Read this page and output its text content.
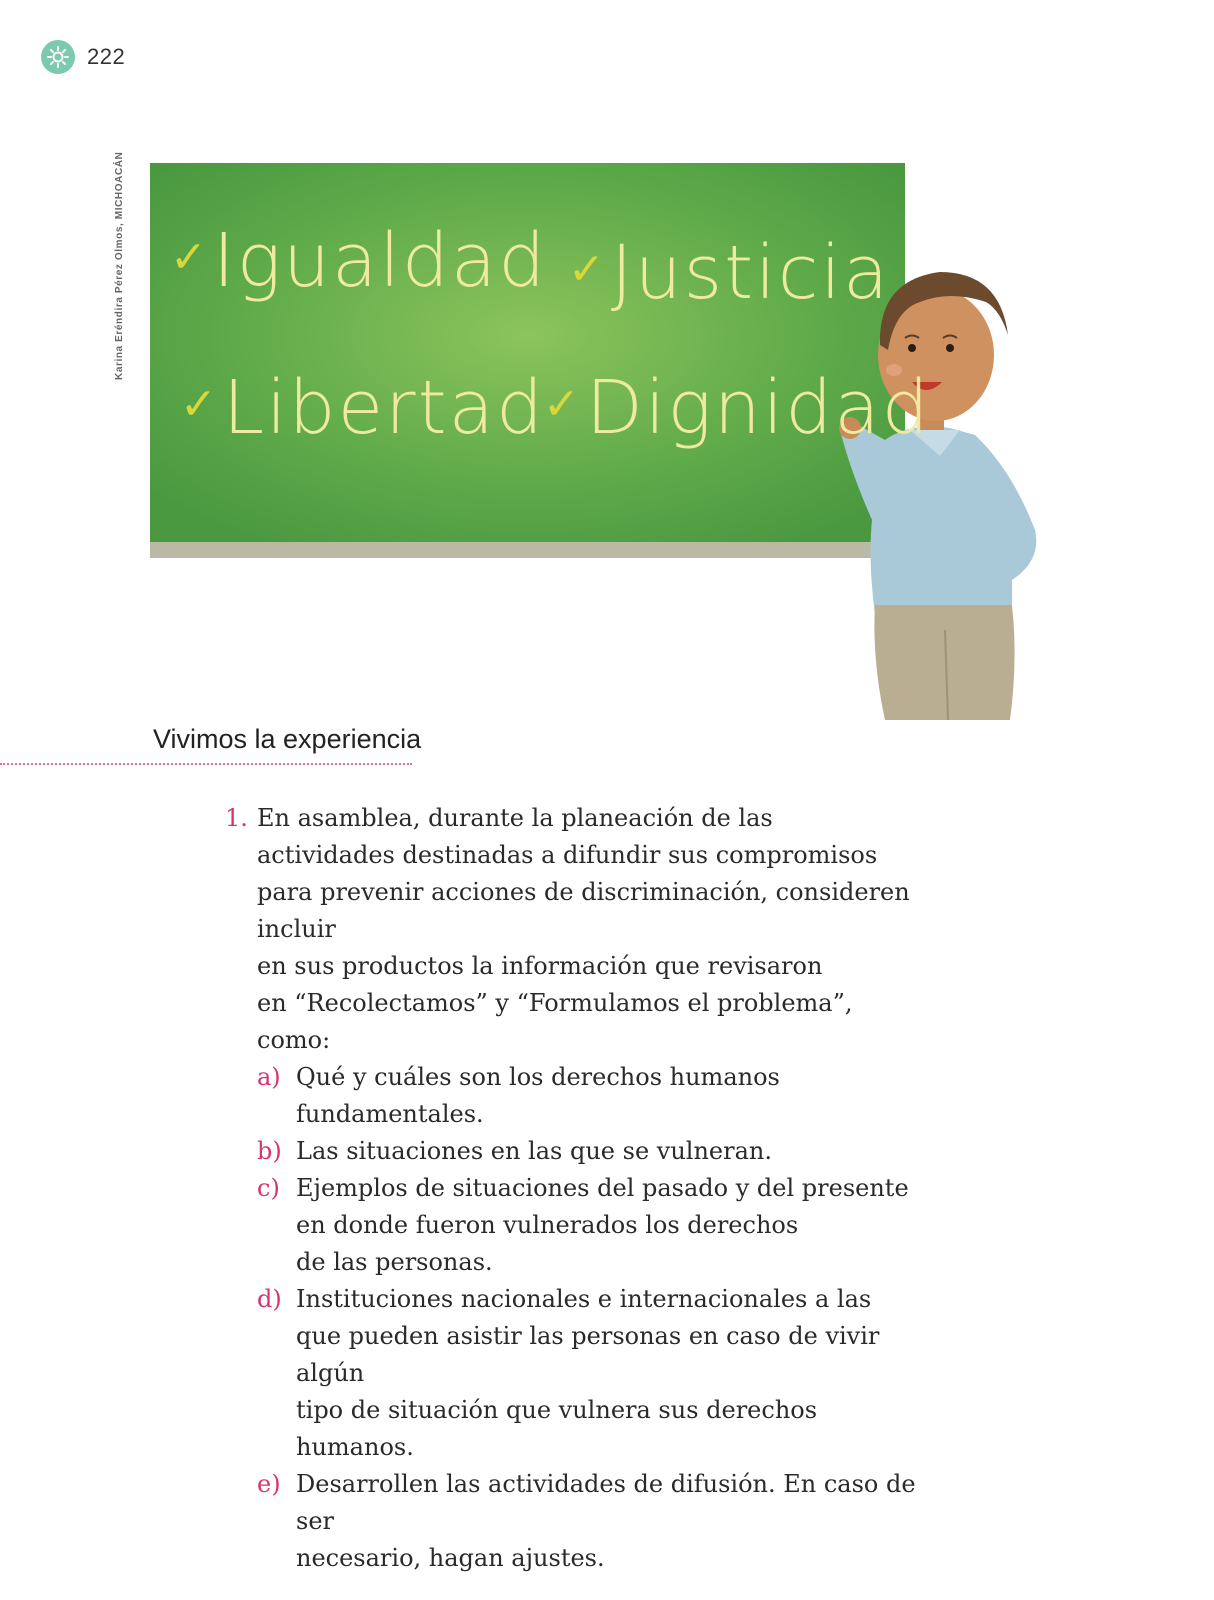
222
Karina Eréndira Pérez Olmos, MICHOACÁN ✓Igualdad ✓Justicia
✓Libertad
✓Dignidad
Vivimos la experiencia
1. En asamblea, durante la planeación de las
actividades destinadas a difundir sus compromisos
para prevenir acciones de discriminación, consideren incluir
en sus productos la información que revisaron
en “Recolectamos” y “Formulamos el problema”, como:
a) Qué y cuáles son los derechos humanos fundamentales.
b) Las situaciones en las que se vulneran.
c) Ejemplos de situaciones del pasado y del presente
en donde fueron vulnerados los derechos
de las personas.
d) Instituciones nacionales e internacionales a las
que pueden asistir las personas en caso de vivir algún
tipo de situación que vulnera sus derechos humanos.
e) Desarrollen las actividades de difusión. En caso de ser
necesario, hagan ajustes.
